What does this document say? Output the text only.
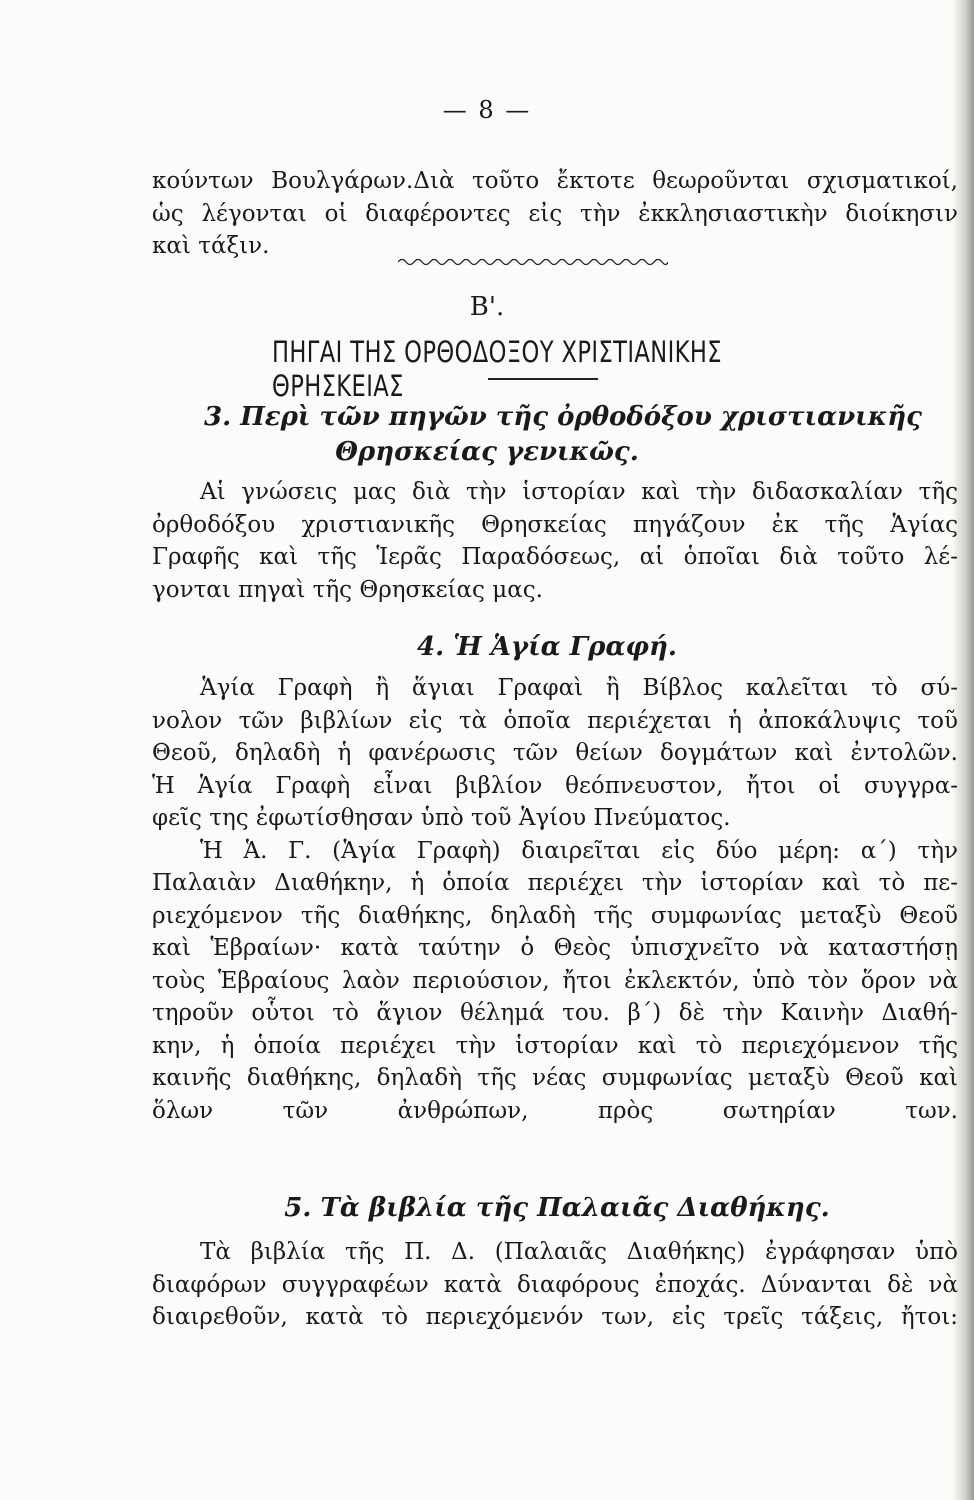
— 8 —
κούντων Βουλγάρων.Διὰ τοῦτο ἔκτοτε θεωροῦνται σχισματικοί,
ὡς λέγονται οἱ διαφέροντες εἰς τὴν ἐκκλησιαστικὴν διοίκησιν
καὶ τάξιν.
Β'.
ΠΗΓΑΙ ΤΗΣ ΟΡΘΟΔΟΞΟΥ ΧΡΙΣΤΙΑΝΙΚΗΣ ΘΡΗΣΚΕΙΑΣ
3. Περὶ τῶν πηγῶν τῆς ὀρθοδόξου χριστιανικῆς
Θρησκείας γενικῶς.
Αἱ γνώσεις μας διὰ τὴν ἱστορίαν καὶ τὴν διδασκαλίαν τῆς
ὀρθοδόξου χριστιανικῆς Θρησκείας πηγάζουν ἐκ τῆς Ἁγίας
Γραφῆς καὶ τῆς Ἱερᾶς Παραδόσεως, αἱ ὁποῖαι διὰ τοῦτο λέ-
γονται πηγαὶ τῆς Θρησκείας μας.
4. Ἡ Ἁγία Γραφή.
Ἁγία Γραφὴ ἢ ἅγιαι Γραφαὶ ἢ Βίβλος καλεῖται τὸ σύ-
νολον τῶν βιβλίων εἰς τὰ ὁποῖα περιέχεται ἡ ἀποκάλυψις τοῦ
Θεοῦ, δηλαδὴ ἡ φανέρωσις τῶν θείων δογμάτων καὶ ἐντολῶν.
Ἡ Ἁγία Γραφὴ εἶναι βιβλίον θεόπνευστον, ἤτοι οἱ συγγρα-
φεῖς της ἐφωτίσθησαν ὑπὸ τοῦ Ἁγίου Πνεύματος.
Ἡ Ἁ. Γ. (Ἁγία Γραφὴ) διαιρεῖται εἰς δύο μέρη: α΄) τὴν
Παλαιὰν Διαθήκην, ἡ ὁποία περιέχει τὴν ἱστορίαν καὶ τὸ πε-
ριεχόμενον τῆς διαθήκης, δηλαδὴ τῆς συμφωνίας μεταξὺ Θεοῦ
καὶ Ἑβραίων· κατὰ ταύτην ὁ Θεὸς ὑπισχνεῖτο νὰ καταστήσῃ
τοὺς Ἑβραίους λαὸν περιούσιον, ἤτοι ἐκλεκτόν, ὑπὸ τὸν ὅρον νὰ
τηροῦν οὗτοι τὸ ἅγιον θέλημά του. β΄) δὲ τὴν Καινὴν Διαθή-
κην, ἡ ὁποία περιέχει τὴν ἱστορίαν καὶ τὸ περιεχόμενον τῆς
καινῆς διαθήκης, δηλαδὴ τῆς νέας συμφωνίας μεταξὺ Θεοῦ καὶ
ὅλων τῶν ἀνθρώπων, πρὸς σωτηρίαν των.
5. Τὰ βιβλία τῆς Παλαιᾶς Διαθήκης.
Τὰ βιβλία τῆς Π. Δ. (Παλαιᾶς Διαθήκης) ἐγράφησαν ὑπὸ
διαφόρων συγγραφέων κατὰ διαφόρους ἐποχάς. Δύνανται δὲ νὰ
διαιρεθοῦν, κατὰ τὸ περιεχόμενόν των, εἰς τρεῖς τάξεις, ἤτοι:
